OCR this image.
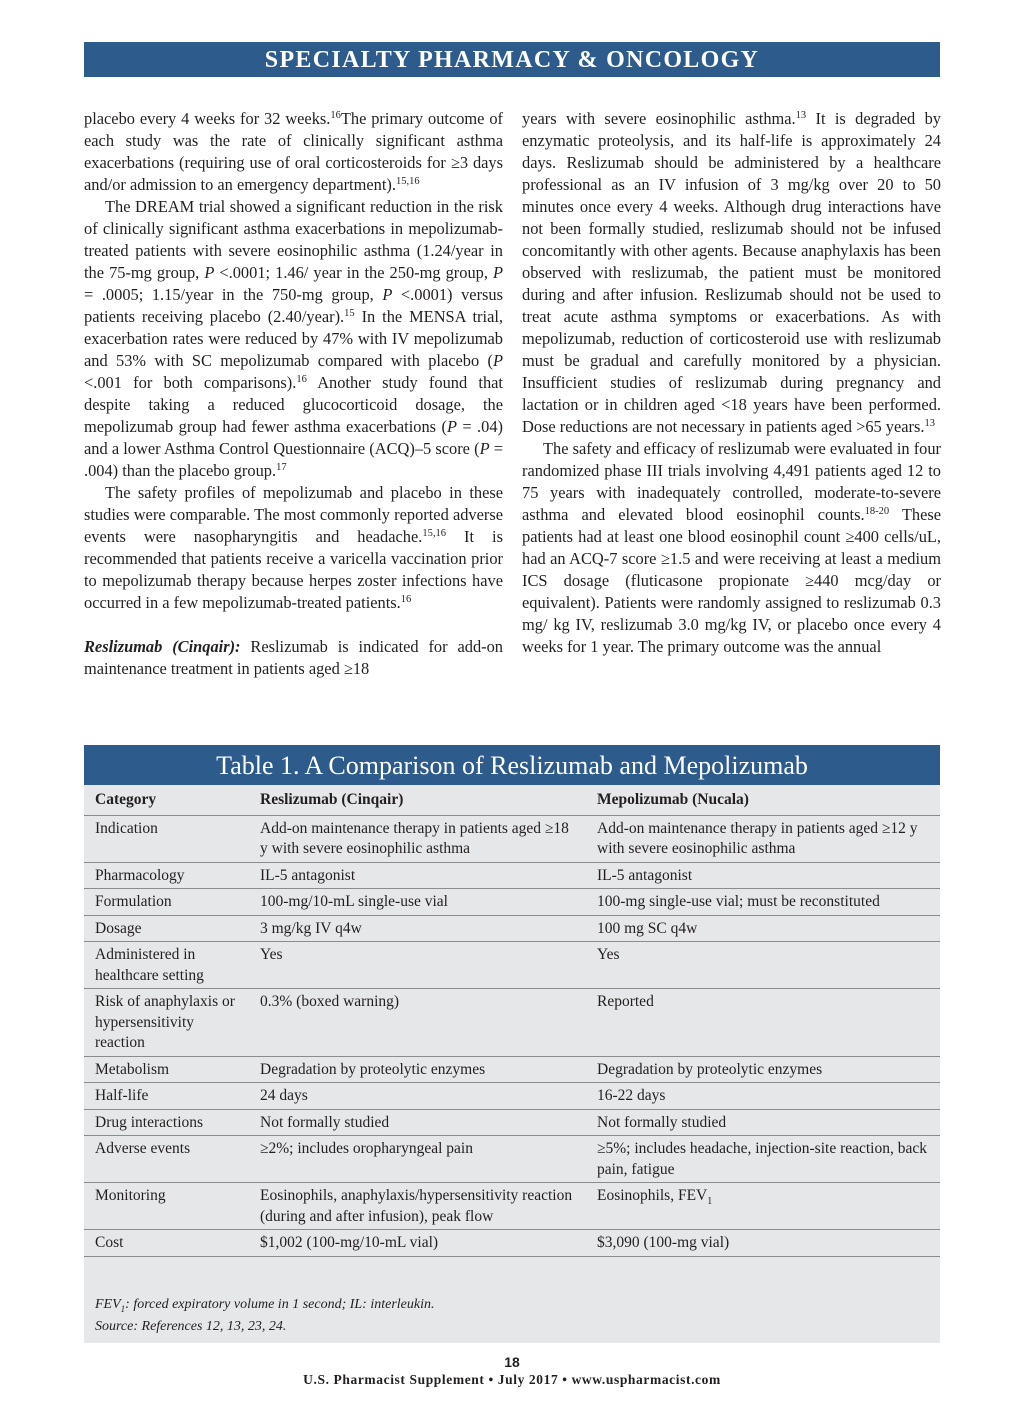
SPECIALTY PHARMACY & ONCOLOGY

placebo every 4 weeks for 32 weeks.$^{16}$The primary outcome of each study was the rate of clinically significant asthma exacerbations (requiring use of oral corticosteroids for ≥3 days and/or admission to an emergency department).$^{15,16}$

The DREAM trial showed a significant reduction in the risk of clinically significant asthma exacerbations in mepolizumab-treated patients with severe eosinophilic asthma (1.24/year in the 75-mg group, P <.0001; 1.46/ year in the 250-mg group, P = .0005; 1.15/year in the 750-mg group, P <.0001) versus patients receiving placebo (2.40/year).$^{15}$ In the MENSA trial, exacerbation rates were reduced by 47% with IV mepolizumab and 53% with SC mepolizumab compared with placebo (P <.001 for both comparisons).$^{16}$ Another study found that despite taking a reduced glucocorticoid dosage, the mepolizumab group had fewer asthma exacerbations (P = .04) and a lower Asthma Control Questionnaire (ACQ)–5 score (P = .004) than the placebo group.$^{17}$

The safety profiles of mepolizumab and placebo in these studies were comparable. The most commonly reported adverse events were nasopharyngitis and headache.$^{15,16}$ It is recommended that patients receive a varicella vaccination prior to mepolizumab therapy because herpes zoster infections have occurred in a few mepolizumab-treated patients.$^{16}$

Reslizumab (Cinqair): Reslizumab is indicated for add-on maintenance treatment in patients aged ≥18

years with severe eosinophilic asthma.$^{13}$ It is degraded by enzymatic proteolysis, and its half-life is approximately 24 days. Reslizumab should be administered by a healthcare professional as an IV infusion of 3 mg/kg over 20 to 50 minutes once every 4 weeks. Although drug interactions have not been formally studied, reslizumab should not be infused concomitantly with other agents. Because anaphylaxis has been observed with reslizumab, the patient must be monitored during and after infusion. Reslizumab should not be used to treat acute asthma symptoms or exacerbations. As with mepolizumab, reduction of corticosteroid use with reslizumab must be gradual and carefully monitored by a physician. Insufficient studies of reslizumab during pregnancy and lactation or in children aged <18 years have been performed. Dose reductions are not necessary in patients aged >65 years.$^{13}$

The safety and efficacy of reslizumab were evaluated in four randomized phase III trials involving 4,491 patients aged 12 to 75 years with inadequately controlled, moderate-to-severe asthma and elevated blood eosinophil counts.$^{18-20}$ These patients had at least one blood eosinophil count ≥400 cells/uL, had an ACQ-7 score ≥1.5 and were receiving at least a medium ICS dosage (fluticasone propionate ≥440 mcg/day or equivalent). Patients were randomly assigned to reslizumab 0.3 mg/ kg IV, reslizumab 3.0 mg/kg IV, or placebo once every 4 weeks for 1 year. The primary outcome was the annual

Table 1. A Comparison of Reslizumab and Mepolizumab
Category	Reslizumab (Cinqair)	Mepolizumab (Nucala)
Indication	Add-on maintenance therapy in patients aged ≥18 y with severe eosinophilic asthma	Add-on maintenance therapy in patients aged ≥12 y with severe eosinophilic asthma
Pharmacology	IL-5 antagonist	IL-5 antagonist
Formulation	100-mg/10-mL single-use vial	100-mg single-use vial; must be reconstituted
Dosage	3 mg/kg IV q4w	100 mg SC q4w
Administered in healthcare setting	Yes	Yes
Risk of anaphylaxis or hypersensitivity reaction	0.3% (boxed warning)	Reported
Metabolism	Degradation by proteolytic enzymes	Degradation by proteolytic enzymes
Half-life	24 days	16-22 days
Drug interactions	Not formally studied	Not formally studied
Adverse events	≥2%; includes oropharyngeal pain	≥5%; includes headache, injection-site reaction, back pain, fatigue
Monitoring	Eosinophils, anaphylaxis/hypersensitivity reaction (during and after infusion), peak flow	Eosinophils, $FEV_1$
Cost	$1,002 (100-mg/10-mL vial)	$3,090 (100-mg vial)
$FEV_1$: forced expiratory volume in 1 second; IL: interleukin.
Source: References 12, 13, 23, 24.
18
U.S. Pharmacist Supplement • July 2017 • www.uspharmacist.com
